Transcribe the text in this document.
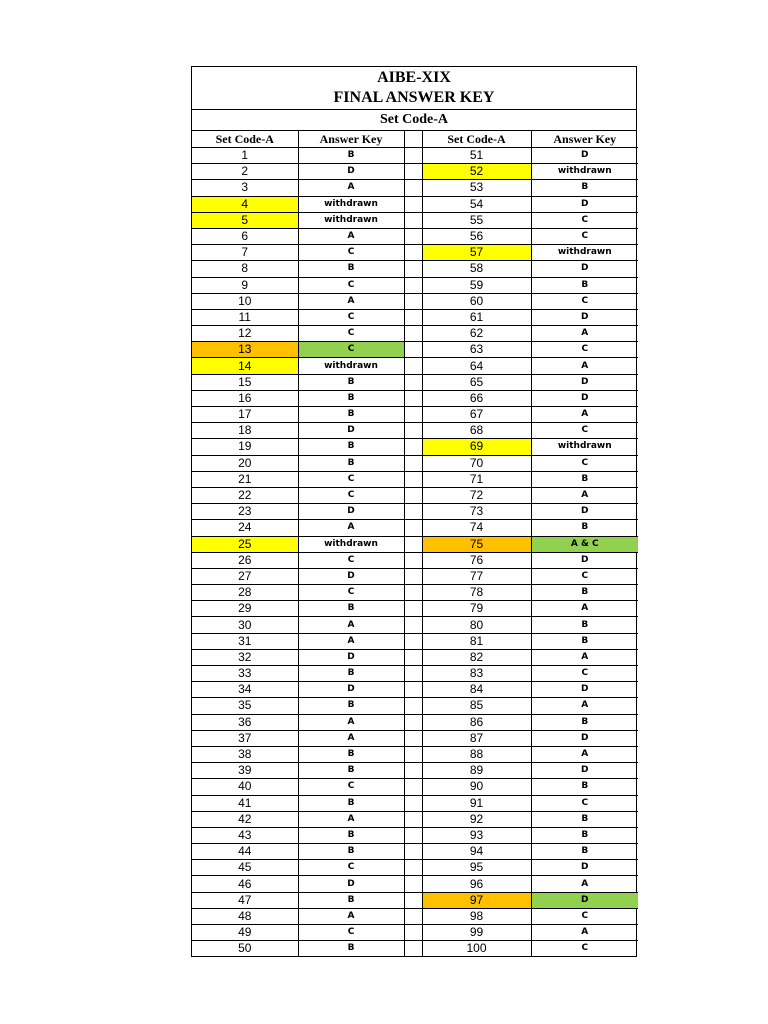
AIBE-XIX
FINAL ANSWER KEY
Set Code-A
Set Code-A	Answer Key		Set Code-A	Answer Key
1	B		51	D
2	D		52	withdrawn
3	A		53	B
4	withdrawn		54	D
5	withdrawn		55	C
6	A		56	C
7	C		57	withdrawn
8	B		58	D
9	C		59	B
10	A		60	C
11	C		61	D
12	C		62	A
13	C		63	C
14	withdrawn		64	A
15	B		65	D
16	B		66	D
17	B		67	A
18	D		68	C
19	B		69	withdrawn
20	B		70	C
21	C		71	B
22	C		72	A
23	D		73	D
24	A		74	B
25	withdrawn		75	A & C
26	C		76	D
27	D		77	C
28	C		78	B
29	B		79	A
30	A		80	B
31	A		81	B
32	D		82	A
33	B		83	C
34	D		84	D
35	B		85	A
36	A		86	B
37	A		87	D
38	B		88	A
39	B		89	D
40	C		90	B
41	B		91	C
42	A		92	B
43	B		93	B
44	B		94	B
45	C		95	D
46	D		96	A
47	B		97	D
48	A		98	C
49	C		99	A
50	B		100	C
